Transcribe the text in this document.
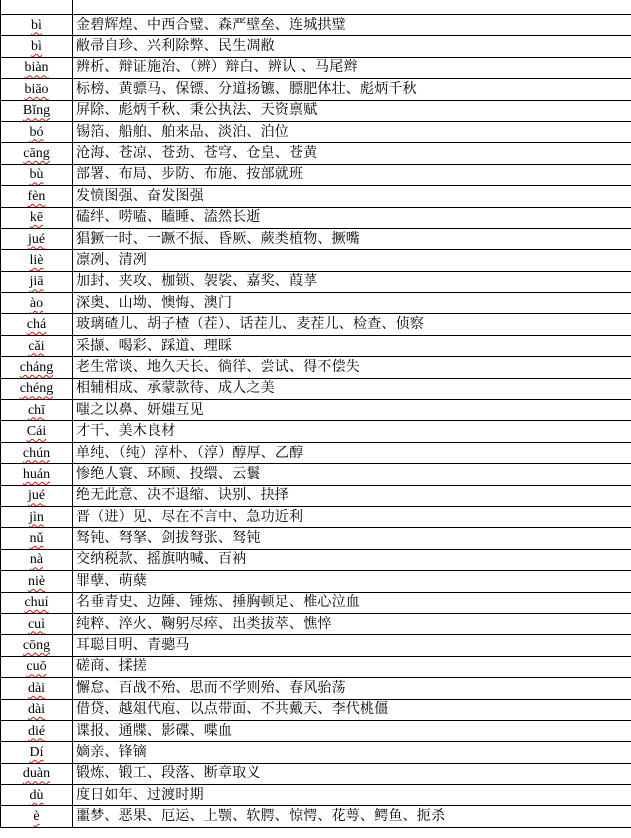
bì	金碧辉煌、中西合璧、森严壁垒、连城拱璧
bì	敝帚自珍、兴利除弊、民生凋敝
biàn	辨析、辩证施治、（辨）辩白、辨认 、马尾辫
biāo	标榜、黄骠马、保镖、分道扬镳、膘肥体壮、彪炳千秋
Bǐng	屏除、彪炳千秋、秉公执法、天资禀赋
bó	锡箔、船舶、舶来品、淡泊、泊位
cāng	沧海、苍凉、苍劲、苍穹、仓皇、苍黄
bù	部署、布局、步防、布施、按部就班
fèn	发愤图强、奋发图强
kē	磕绊、唠嗑、瞌睡、溘然长逝
jué	猖獗一时、一蹶不振、昏厥、蕨类植物、撅嘴
liè	凛冽、清冽
jiā	加封、夹攻、枷锁、袈裟、嘉奖、葭莩
ào	深奥、山坳、懊悔、澳门
chá	玻璃碴儿、胡子楂（茬）、话茬儿、麦茬儿、检查、侦察
cǎi	采撷、喝彩、踩道、理睬
cháng	老生常谈、地久天长、徜徉、尝试、得不偿失
chéng	相辅相成、承蒙款待、成人之美
chī	嗤之以鼻、妍媸互见
Cái	才干、美木良材
chún	单纯、（纯）淳朴、（淳）醇厚、乙醇
huán	惨绝人寰、环顾、投缳、云鬟
jué	绝无此意、决不退缩、诀别、抉择
jìn	晋（进）见、尽在不言中、急功近利
nǔ	驽钝、弩拏、剑拔弩张、驽钝
nà	交纳税款、摇旗呐喊、百衲
niè	罪孽、萌蘖
chuí	名垂青史、边陲、锤炼、捶胸顿足、椎心泣血
cuì	纯粹、淬火、鞠躬尽瘁、出类拔萃、憔悴
cōng	耳聪目明、青骢马
cuō	磋商、揉搓
dài	懈怠、百战不殆、思而不学则殆、春风骀荡
dài	借贷、越俎代庖、以点带面、不共戴天、李代桃僵
dié	谍报、通牒、影碟、喋血
Dí	嫡亲、锋镝
duàn	锻炼、锻工、段落、断章取义
dù	度日如年、过渡时期
è	噩梦、恶果、厄运、上颚、软腭、惊愕、花萼、鳄鱼、扼杀
